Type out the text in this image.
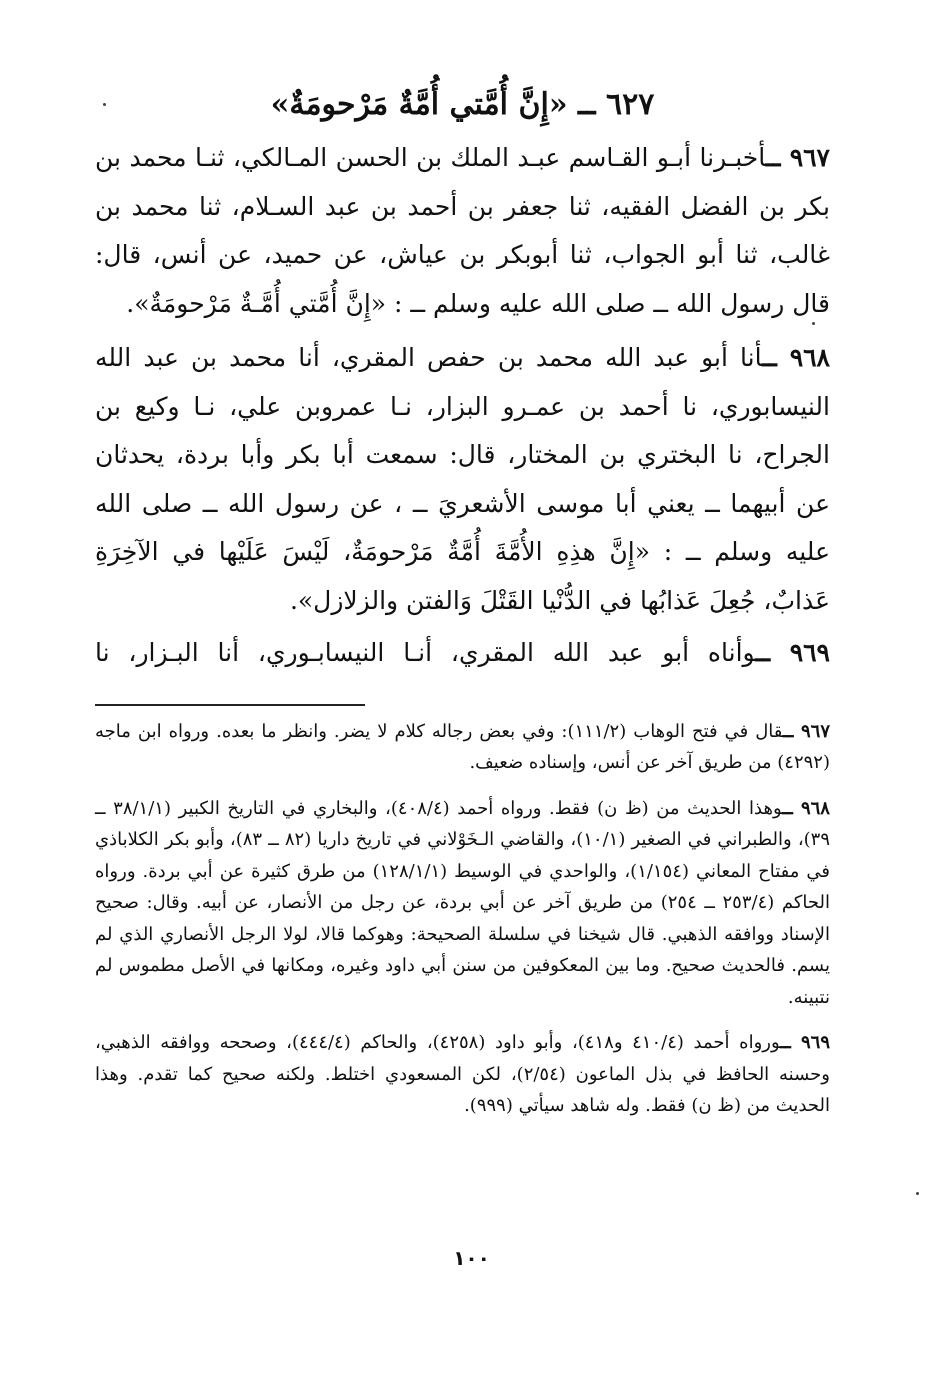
٦٢٧ ــ «إِنَّ أُمَّتي أُمَّةٌ مَرْحومَةٌ»

٩٦٧ ــأخبـرنا أبـو القـاسم عبـد الملك بن الحسن المـالكي، ثنـا محمد بن بكر بن الفضل الفقيه، ثنا جعفر بن أحمد بن عبد السـلام، ثنا محمد بن غالب، ثنا أبو الجواب، ثنا أبوبكر بن عياش، عن حميد، عن أنس، قال: قال رسول الله ــ صلى الله عليه وسلم ــ : «إِنَّ أُمَّتي أُمَّـةٌ مَرْحومَةٌ».

٩٦٨ ــأنا أبو عبد الله محمد بن حفص المقري، أنا محمد بن عبد الله النيسابوري، نا أحمد بن عمـرو البزار، نـا عمروبن علي، نـا وكيع بن الجراح، نا البختري بن المختار، قال: سمعت أبا بكر وأبا بردة، يحدثان عن أبيهما ــ يعني أبا موسى الأشعريَ ــ ، عن رسول الله ــ صلى الله عليه وسلم ــ : «إِنَّ هذِهِ الأُمَّةَ أُمَّةٌ مَرْحومَةٌ، لَيْسَ عَلَيْها في الآخِرَةِ عَذابٌ، جُعِلَ عَذابُها في الدُّنْيا القَتْلَ وَالفتن والزلازل».

٩٦٩ ــوأناه أبو عبد الله المقري، أنـا النيسابـوري، أنا البـزار، نا

٩٦٧ ــقال في فتح الوهاب (١١١/٢): وفي بعض رجاله كلام لا يضر. وانظر ما بعده. ورواه ابن ماجه (٤٢٩٢) من طريق آخر عن أنس، وإسناده ضعيف.

٩٦٨ ــوهذا الحديث من (ظ ن) فقط. ورواه أحمد (٤٠٨/٤)، والبخاري في التاريخ الكبير (٣٨/١/١ ــ ٣٩)، والطبراني في الصغير (١٠/١)، والقاضي الـخَوْلاني في تاريخ داريا (٨٢ ــ ٨٣)، وأبو بكر الكلاباذي في مفتاح المعاني (١/١٥٤)، والواحدي في الوسيط (١٢٨/١/١) من طرق كثيرة عن أبي بردة. ورواه الحاكم (٢٥٣/٤ ــ ٢٥٤) من طريق آخر عن أبي بردة، عن رجل من الأنصار، عن أبيه. وقال: صحيح الإسناد ووافقه الذهبي. قال شيخنا في سلسلة الصحيحة: وهوكما قالا، لولا الرجل الأنصاري الذي لم يسم. فالحديث صحيح. وما بين المعكوفين من سنن أبي داود وغيره، ومكانها في الأصل مطموس لم نتبينه.

٩٦٩ ــورواه أحمد (٤١٠/٤ و٤١٨)، وأبو داود (٤٢٥٨)، والحاكم (٤٤٤/٤)، وصححه ووافقه الذهبي، وحسنه الحافظ في بذل الماعون (٢/٥٤)، لكن المسعودي اختلط. ولكنه صحيح كما تقدم. وهذا الحديث من (ظ ن) فقط. وله شاهد سيأتي (٩٩٩).

١٠٠
